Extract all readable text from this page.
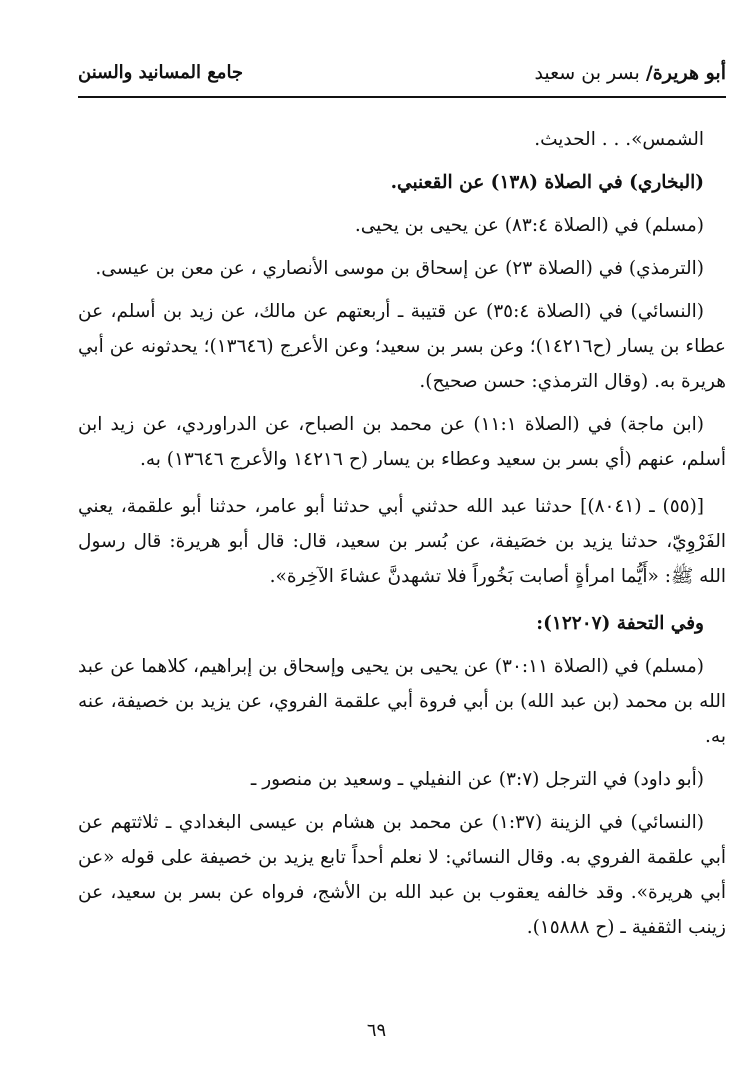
أبو هريرة/ بسر بن سعيد
جامع المسانيد والسنن

الشمس». . . الحديث.

(البخاري) في الصلاة (١٣٨) عن القعنبي.

(مسلم) في (الصلاة ٨٣:٤) عن يحيى بن يحيى.

(الترمذي) في (الصلاة ٢٣) عن إسحاق بن موسى الأنصاري ، عن معن بن عيسى.

(النسائي) في (الصلاة ٣٥:٤) عن قتيبة ـ أربعتهم عن مالك، عن زيد بن أسلم، عن عطاء بن يسار (ح١٤٢١٦)؛ وعن بسر بن سعيد؛ وعن الأعرج (١٣٦٤٦)؛ يحدثونه عن أبي هريرة به. (وقال الترمذي: حسن صحيح).

(ابن ماجة) في (الصلاة ١١:١) عن محمد بن الصباح، عن الدراوردي، عن زيد ابن أسلم، عنهم (أي بسر بن سعيد وعطاء بن يسار (ح ١٤٢١٦ والأعرج ١٣٦٤٦) به.

[(٥٥) ـ (٨٠٤١)] حدثنا عبد الله حدثني أبي حدثنا أبو عامر، حدثنا أبو علقمة، يعني الفَرْوِيّ، حدثنا يزيد بن خصَيفة، عن بُسر بن سعيد، قال: قال أبو هريرة: قال رسول الله ﷺ: «أَيُّما امرأةٍ أصابت بَخُوراً فلا تشهدنَّ عشاءَ الآخِرة».

وفي التحفة (١٢٢٠٧):

(مسلم) في (الصلاة ٣٠:١١) عن يحيى بن يحيى وإسحاق بن إبراهيم، كلاهما عن عبد الله بن محمد (بن عبد الله) بن أبي فروة أبي علقمة الفروي، عن يزيد بن خصيفة، عنه به.

(أبو داود) في الترجل (٣:٧) عن النفيلي ـ وسعيد بن منصور ـ

(النسائي) في الزينة (١:٣٧) عن محمد بن هشام بن عيسى البغدادي ـ ثلاثتهم عن أبي علقمة الفروي به. وقال النسائي: لا نعلم أحداً تابع يزيد بن خصيفة على قوله «عن أبي هريرة». وقد خالفه يعقوب بن عبد الله بن الأشج، فرواه عن بسر بن سعيد، عن زينب الثقفية ـ (ح ١٥٨٨٨).

٦٩
